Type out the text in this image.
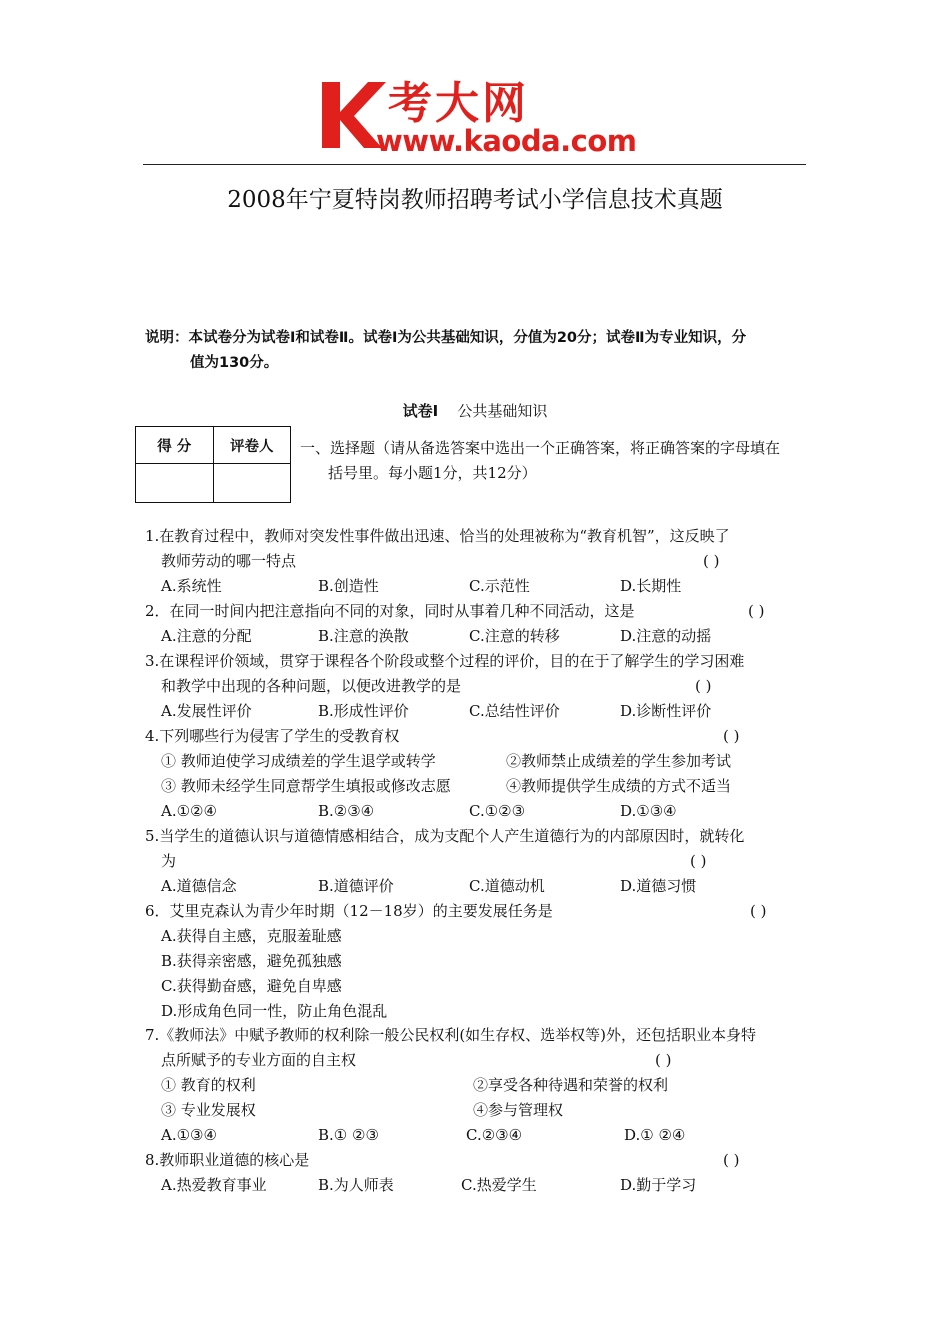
考大网
www.kaoda.com
2008年宁夏特岗教师招聘考试小学信息技术真题
说明：本试卷分为试卷Ⅰ和试卷Ⅱ。试卷Ⅰ为公共基础知识，分值为20分；试卷Ⅱ为专业知识，分
值为130分。
试卷Ⅰ 公共基础知识
得 分	评卷人
	一、选择题（请从备选答案中选出一个正确答案，将正确答案的字母填在
括号里。每小题1分，共12分）
1.在教育过程中，教师对突发性事件做出迅速、恰当的处理被称为“教育机智”，这反映了
教师劳动的哪一特点	( )
A.系统性	B.创造性	C.示范性	D.长期性
2．在同一时间内把注意指向不同的对象，同时从事着几种不同活动，这是	( )
A.注意的分配	B.注意的涣散	C.注意的转移	D.注意的动摇
3.在课程评价领域，贯穿于课程各个阶段或整个过程的评价，目的在于了解学生的学习困难
和教学中出现的各种问题，以便改进教学的是	( )
A.发展性评价	B.形成性评价	C.总结性评价	D.诊断性评价
4.下列哪些行为侵害了学生的受教育权	( )
① 教师迫使学习成绩差的学生退学或转学	②教师禁止成绩差的学生参加考试
③ 教师未经学生同意帮学生填报或修改志愿	④教师提供学生成绩的方式不适当
A.①②④	B.②③④	C.①②③	D.①③④
5.当学生的道德认识与道德情感相结合，成为支配个人产生道德行为的内部原因时，就转化
为	( )
A.道德信念	B.道德评价	C.道德动机	D.道德习惯
6．艾里克森认为青少年时期（12－18岁）的主要发展任务是	( )
A.获得自主感，克服羞耻感
B.获得亲密感，避免孤独感
C.获得勤奋感，避免自卑感
D.形成角色同一性，防止角色混乱
7.《教师法》中赋予教师的权利除一般公民权利(如生存权、选举权等)外，还包括职业本身特
点所赋予的专业方面的自主权	( )
① 教育的权利	②享受各种待遇和荣誉的权利
③ 专业发展权	④参与管理权
A.①③④	B.① ②③	C.②③④	D.① ②④
8.教师职业道德的核心是	( )
A.热爱教育事业	B.为人师表	C.热爱学生	D.勤于学习
